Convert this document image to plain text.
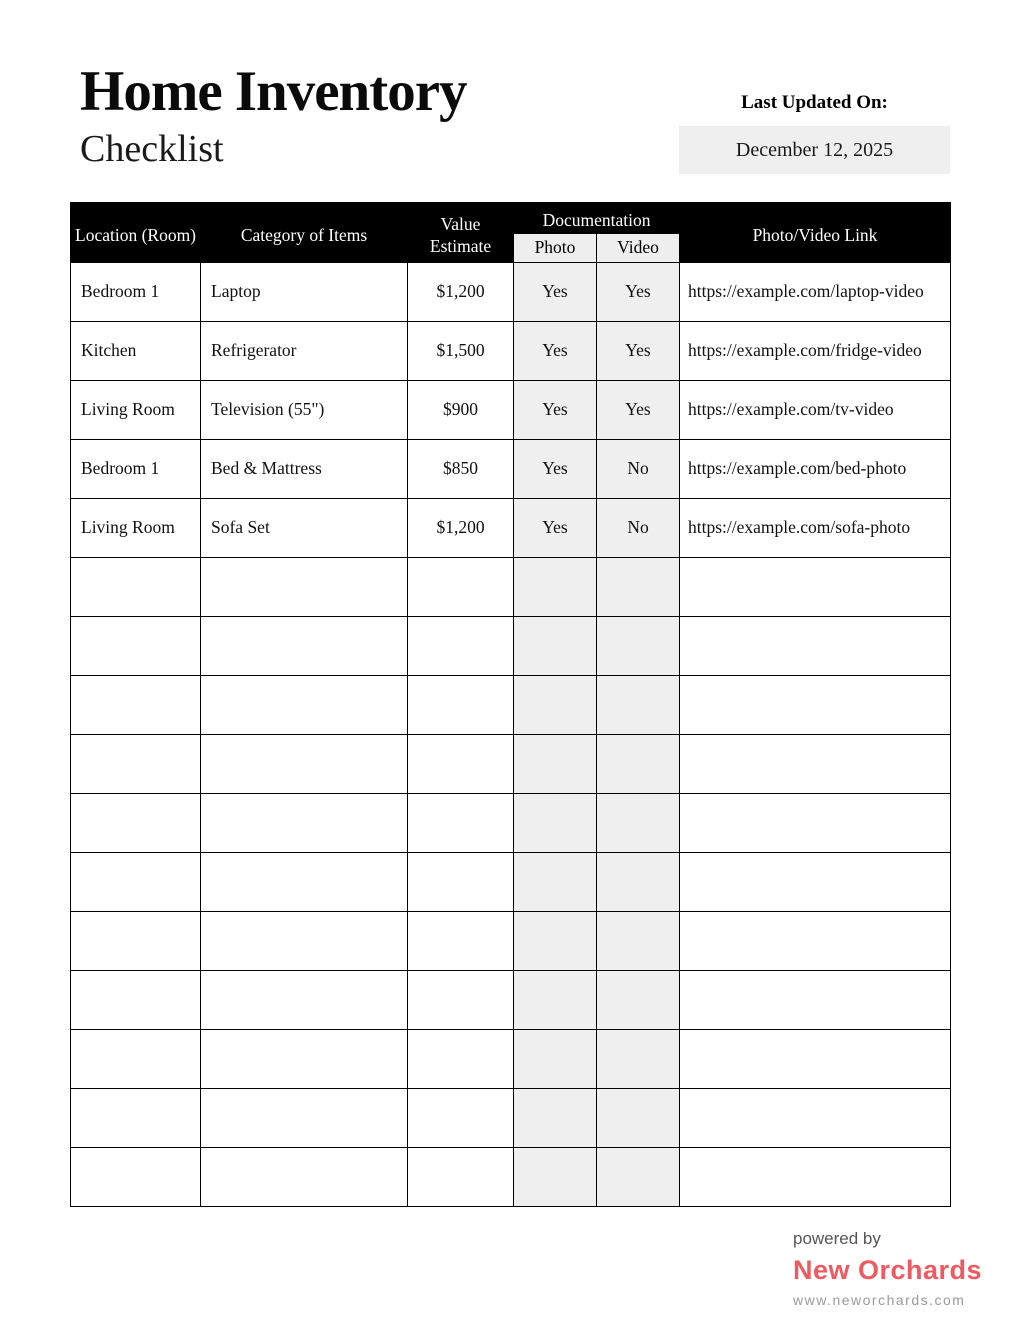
Home Inventory
Checklist
Last Updated On:
December 12, 2025
Location (Room)	Category of Items	Value Estimate	Documentation		Photo/Video Link
			Photo	Video	
Bedroom 1	Laptop	$1,200	Yes	Yes	https://example.com/laptop-video
Kitchen	Refrigerator	$1,500	Yes	Yes	https://example.com/fridge-video
Living Room	Television (55")	$900	Yes	Yes	https://example.com/tv-video
Bedroom 1	Bed & Mattress	$850	Yes	No	https://example.com/bed-photo
Living Room	Sofa Set	$1,200	Yes	No	https://example.com/sofa-photo

powered by
New Orchards
www.neworchards.com
